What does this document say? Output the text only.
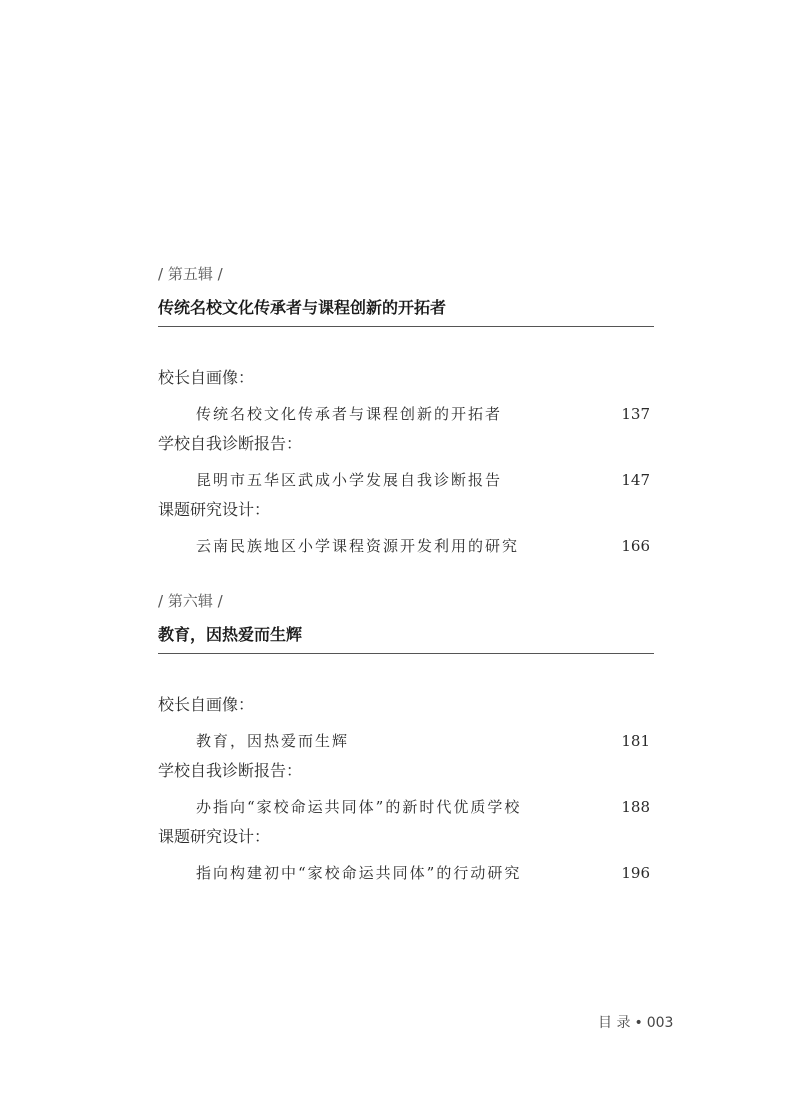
/ 第五辑 /
传统名校文化传承者与课程创新的开拓者
校长自画像：
传统名校文化传承者与课程创新的开拓者	137
学校自我诊断报告：
昆明市五华区武成小学发展自我诊断报告	147
课题研究设计：
云南民族地区小学课程资源开发利用的研究	166
/ 第六辑 /
教育，因热爱而生辉
校长自画像：
教育，因热爱而生辉	181
学校自我诊断报告：
办指向“家校命运共同体”的新时代优质学校	188
课题研究设计：
指向构建初中“家校命运共同体”的行动研究	196
目 录 • 003
